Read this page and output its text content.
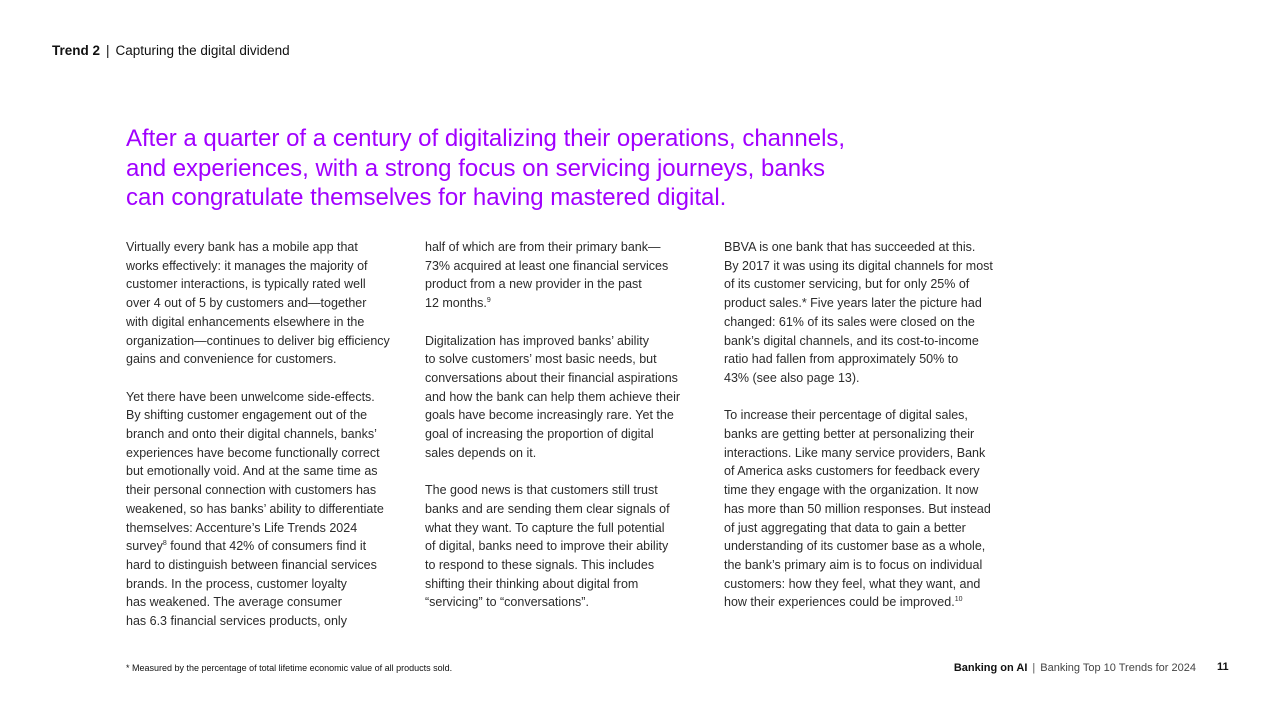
Trend 2 | Capturing the digital dividend
After a quarter of a century of digitalizing their operations, channels,
and experiences, with a strong focus on servicing journeys, banks
can congratulate themselves for having mastered digital.

Virtually every bank has a mobile app that
works effectively: it manages the majority of
customer interactions, is typically rated well
over 4 out of 5 by customers and—together
with digital enhancements elsewhere in the
organization—continues to deliver big efficiency
gains and convenience for customers.

Yet there have been unwelcome side-effects.
By shifting customer engagement out of the
branch and onto their digital channels, banks’
experiences have become functionally correct
but emotionally void. And at the same time as
their personal connection with customers has
weakened, so has banks’ ability to differentiate
themselves: Accenture’s Life Trends 2024
survey$^8$ found that 42% of consumers find it
hard to distinguish between financial services
brands. In the process, customer loyalty
has weakened. The average consumer
has 6.3 financial services products, only

half of which are from their primary bank—
73% acquired at least one financial services
product from a new provider in the past
12 months.$^9$

Digitalization has improved banks’ ability
to solve customers’ most basic needs, but
conversations about their financial aspirations
and how the bank can help them achieve their
goals have become increasingly rare. Yet the
goal of increasing the proportion of digital
sales depends on it.

The good news is that customers still trust
banks and are sending them clear signals of
what they want. To capture the full potential
of digital, banks need to improve their ability
to respond to these signals. This includes
shifting their thinking about digital from
“servicing” to “conversations”.

BBVA is one bank that has succeeded at this.
By 2017 it was using its digital channels for most
of its customer servicing, but for only 25% of
product sales.* Five years later the picture had
changed: 61% of its sales were closed on the
bank’s digital channels, and its cost-to-income
ratio had fallen from approximately 50% to
43% (see also page 13).

To increase their percentage of digital sales,
banks are getting better at personalizing their
interactions. Like many service providers, Bank
of America asks customers for feedback every
time they engage with the organization. It now
has more than 50 million responses. But instead
of just aggregating that data to gain a better
understanding of its customer base as a whole,
the bank’s primary aim is to focus on individual
customers: how they feel, what they want, and
how their experiences could be improved.$^{10}$

* Measured by the percentage of total lifetime economic value of all products sold.	Banking on AI | Banking Top 10 Trends for 2024 11
